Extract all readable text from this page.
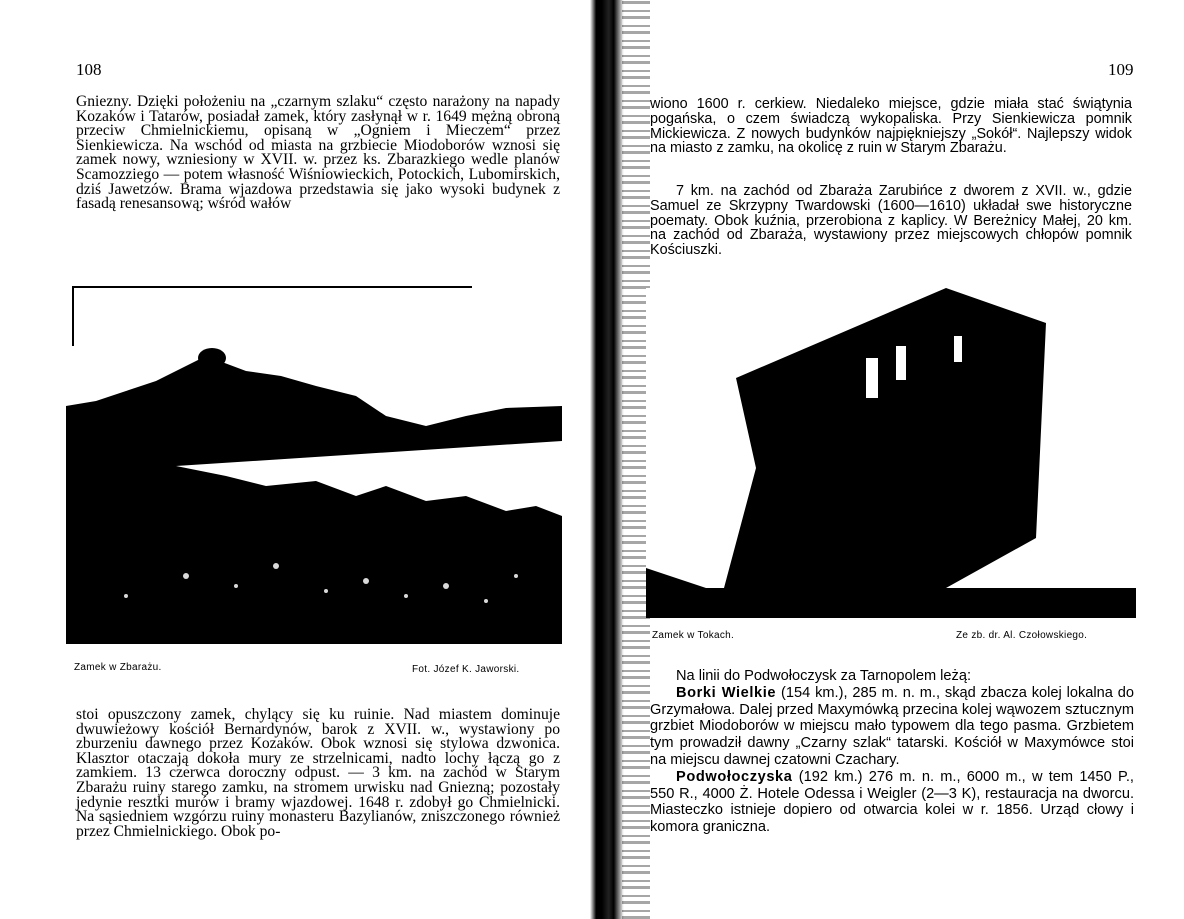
108

Gniezny. Dzięki położeniu na „czarnym szlaku“ często narażony na napady Kozaków i Tatarów, posiadał zamek, który zasłynął w r. 1649 mężną obroną przeciw Chmielnickiemu, opisaną w „Ogniem i Mieczem“ przez Sienkiewicza. Na wschód od miasta na grzbiecie Miodoborów wznosi się zamek nowy, wzniesiony w XVII. w. przez ks. Zbarazkiego wedle planów Scamozziego — potem własność Wiśniowieckich, Potockich, Lubomirskich, dziś Jawetzów. Brama wjazdowa przedstawia się jako wysoki budynek z fasadą renesansową; wśród wałów

Zamek w Zbarażu.	Fot. Józef K. Jaworski.

stoi opuszczony zamek, chylący się ku ruinie. Nad miastem dominuje dwuwieżowy kościół Bernardynów, barok z XVII. w., wystawiony po zburzeniu dawnego przez Kozaków. Obok wznosi się stylowa dzwonica. Klasztor otaczają dokoła mury ze strzelnicami, nadto lochy łączą go z zamkiem. 13 czerwca doroczny odpust. — 3 km. na zachód w Starym Zbarażu ruiny starego zamku, na stromem urwisku nad Gniezną; pozostały jedynie resztki murów i bramy wjazdowej. 1648 r. zdobył go Chmielnicki. Na sąsiedniem wzgórzu ruiny monasteru Bazylianów, zniszczonego również przez Chmielnickiego. Obok po-

109

wiono 1600 r. cerkiew. Niedaleko miejsce, gdzie miała stać świątynia pogańska, o czem świadczą wykopaliska. Przy Sienkiewicza pomnik Mickiewicza. Z nowych budynków najpiękniejszy „Sokół“. Najlepszy widok na miasto z zamku, na okolicę z ruin w Starym Zbarażu.

7 km. na zachód od Zbaraża Zarubińce z dworem z XVII. w., gdzie Samuel ze Skrzypny Twardowski (1600—1610) układał swe historyczne poematy. Obok kuźnia, przerobiona z kaplicy. W Bereżnicy Małej, 20 km. na zachód od Zbaraża, wystawiony przez miejscowych chłopów pomnik Kościuszki.

Zamek w Tokach.	Ze zb. dr. Al. Czołowskiego.

Na linii do Podwołoczysk za Tarnopolem leżą:

Borki Wielkie (154 km.), 285 m. n. m., skąd zbacza kolej lokalna do Grzymałowa. Dalej przed Maxymówką przecina kolej wąwozem sztucznym grzbiet Miodoborów w miejscu mało typowem dla tego pasma. Grzbietem tym prowadził dawny „Czarny szlak“ tatarski. Kościół w Maxymówce stoi na miejscu dawnej czatowni Czachary.

Podwołoczyska (192 km.) 276 m. n. m., 6000 m., w tem 1450 P., 550 R., 4000 Ż. Hotele Odessa i Weigler (2—3 K), restauracja na dworcu. Miasteczko istnieje dopiero od otwarcia kolei w r. 1856. Urząd cłowy i komora graniczna.
